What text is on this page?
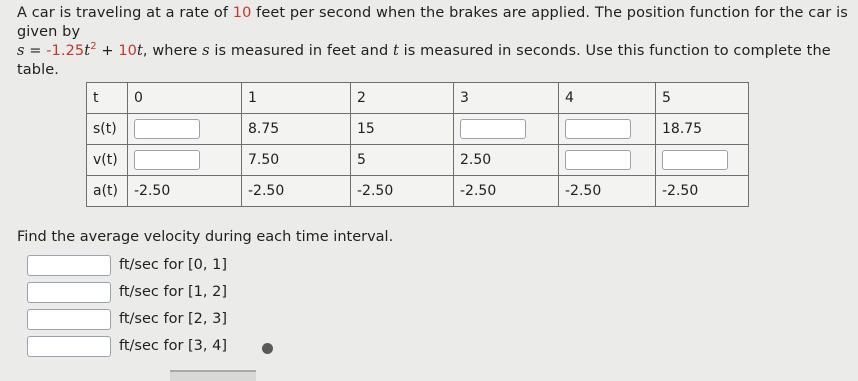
A car is traveling at a rate of 10 feet per second when the brakes are applied. The position function for the car is given by
$s = -1.25t^2 + 10t$, where s is measured in feet and t is measured in seconds. Use this function to complete the table.
t	0	1	2	3	4	5
s(t)		8.75	15			18.75
v(t)		7.50	5	2.50		
a(t)	-2.50	-2.50	-2.50	-2.50	-2.50	-2.50
Find the average velocity during each time interval.
ft/sec for [0, 1]
ft/sec for [1, 2]
ft/sec for [2, 3]
ft/sec for [3, 4]
